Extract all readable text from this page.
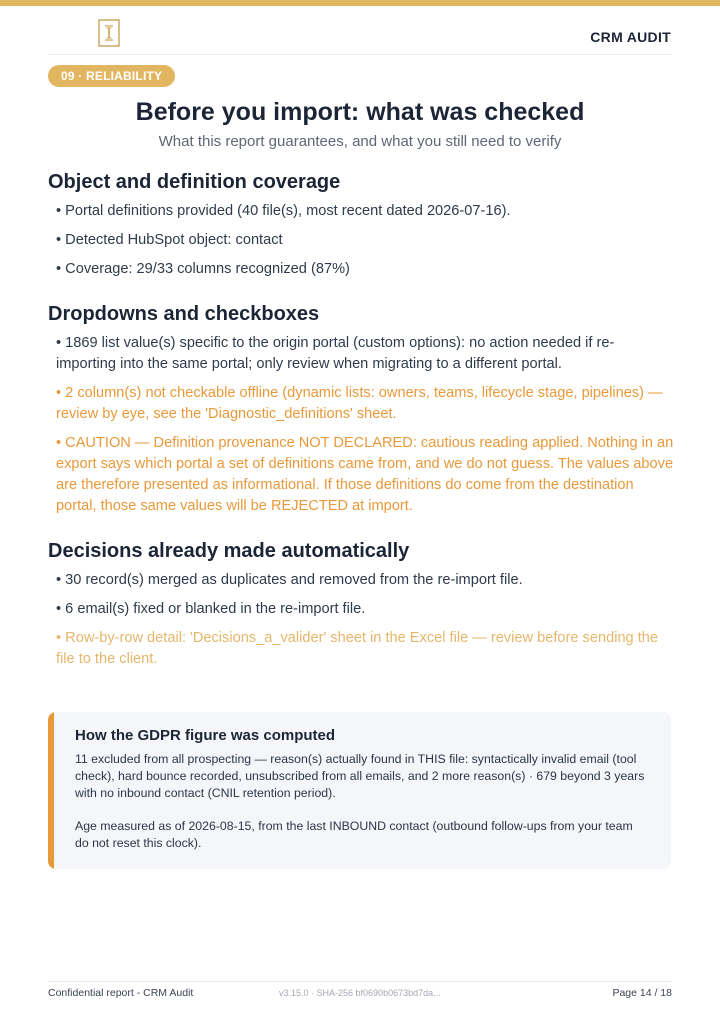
CRM AUDIT
09 · RELIABILITY
Before you import: what was checked
What this report guarantees, and what you still need to verify
Object and definition coverage

• Portal definitions provided (40 file(s), most recent dated 2026-07-16).

• Detected HubSpot object: contact

• Coverage: 29/33 columns recognized (87%)

Dropdowns and checkboxes

• 1869 list value(s) specific to the origin portal (custom options): no action needed if re-importing into the same portal; only review when migrating to a different portal.

• 2 column(s) not checkable offline (dynamic lists: owners, teams, lifecycle stage, pipelines) — review by eye, see the 'Diagnostic_definitions' sheet.

• CAUTION — Definition provenance NOT DECLARED: cautious reading applied. Nothing in an export says which portal a set of definitions came from, and we do not guess. The values above are therefore presented as informational. If those definitions do come from the destination portal, those same values will be REJECTED at import.

Decisions already made automatically

• 30 record(s) merged as duplicates and removed from the re-import file.

• 6 email(s) fixed or blanked in the re-import file.

• Row-by-row detail: 'Decisions_a_valider' sheet in the Excel file — review before sending the file to the client.

How the GDPR figure was computed
11 excluded from all prospecting — reason(s) actually found in THIS file: syntactically invalid email (tool check), hard bounce recorded, unsubscribed from all emails, and 2 more reason(s) · 679 beyond 3 years with no inbound contact (CNIL retention period).
Age measured as of 2026-08-15, from the last INBOUND contact (outbound follow-ups from your team do not reset this clock).
Confidential report - CRM Audit	v3.15.0 · SHA-256 bf0690b0673bd7da...	Page 14 / 18
